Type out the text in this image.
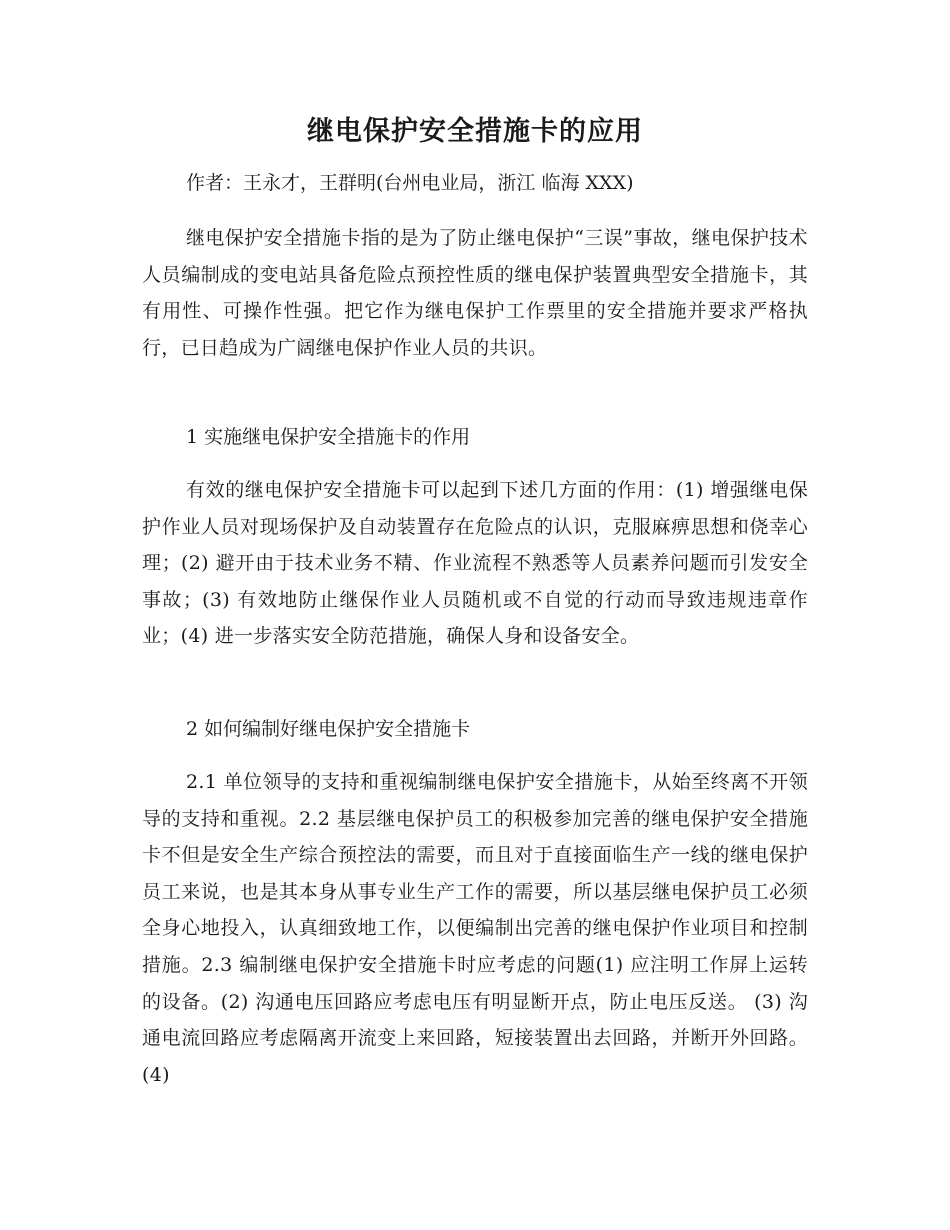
继电保护安全措施卡的应用

作者：王永才，王群明(台州电业局，浙江 临海 XXX)

继电保护安全措施卡指的是为了防止继电保护“三误”事故，继电保护技术人员编制成的变电站具备危险点预控性质的继电保护装置典型安全措施卡，其有用性、可操作性强。把它作为继电保护工作票里的安全措施并要求严格执行，已日趋成为广阔继电保护作业人员的共识。

1 实施继电保护安全措施卡的作用

有效的继电保护安全措施卡可以起到下述几方面的作用：(1) 增强继电保护作业人员对现场保护及自动装置存在危险点的认识，克服麻痹思想和侥幸心理；(2) 避开由于技术业务不精、作业流程不熟悉等人员素养问题而引发安全事故；(3) 有效地防止继保作业人员随机或不自觉的行动而导致违规违章作业；(4) 进一步落实安全防范措施，确保人身和设备安全。

2 如何编制好继电保护安全措施卡

2.1 单位领导的支持和重视编制继电保护安全措施卡，从始至终离不开领导的支持和重视。2.2 基层继电保护员工的积极参加完善的继电保护安全措施卡不但是安全生产综合预控法的需要，而且对于直接面临生产一线的继电保护员工来说，也是其本身从事专业生产工作的需要，所以基层继电保护员工必须全身心地投入，认真细致地工作，以便编制出完善的继电保护作业项目和控制措施。2.3 编制继电保护安全措施卡时应考虑的问题(1) 应注明工作屏上运转的设备。(2) 沟通电压回路应考虑电压有明显断开点，防止电压反送。 (3) 沟通电流回路应考虑隔离开流变上来回路，短接装置出去回路，并断开外回路。(4)
